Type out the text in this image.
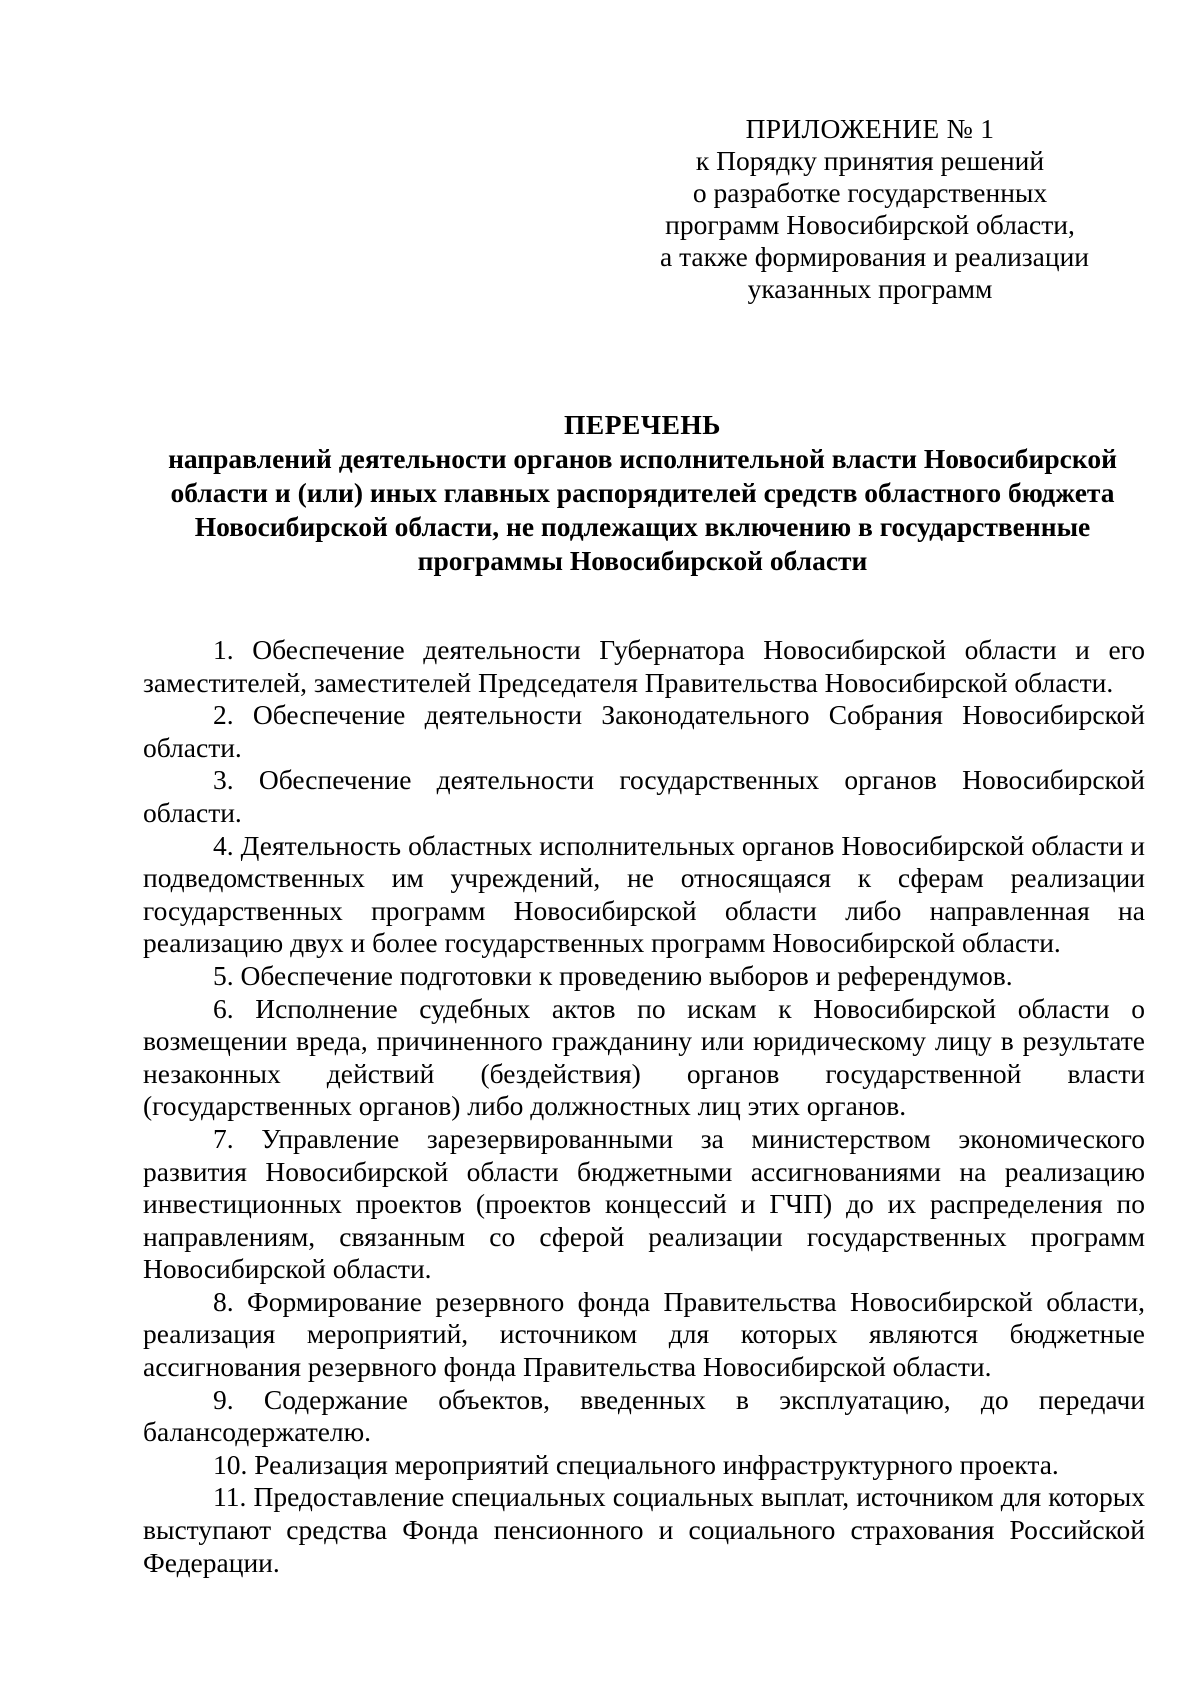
ПРИЛОЖЕНИЕ № 1
к Порядку принятия решений
о разработке государственных
программ Новосибирской области,
а также формирования и реализации
указанных программ
ПЕРЕЧЕНЬ
направлений деятельности органов исполнительной власти Новосибирской
области и (или) иных главных распорядителей средств областного бюджета
Новосибирской области, не подлежащих включению в государственные
программы Новосибирской области

1. Обеспечение деятельности Губернатора Новосибирской области и его заместителей, заместителей Председателя Правительства Новосибирской области.

2. Обеспечение деятельности Законодательного Собрания Новосибирской области.

3. Обеспечение деятельности государственных органов Новосибирской области.

4. Деятельность областных исполнительных органов Новосибирской области и подведомственных им учреждений, не относящаяся к сферам реализации государственных программ Новосибирской области либо направленная на реализацию двух и более государственных программ Новосибирской области.

5. Обеспечение подготовки к проведению выборов и референдумов.

6. Исполнение судебных актов по искам к Новосибирской области о возмещении вреда, причиненного гражданину или юридическому лицу в результате незаконных действий (бездействия) органов государственной власти (государственных органов) либо должностных лиц этих органов.

7. Управление зарезервированными за министерством экономического развития Новосибирской области бюджетными ассигнованиями на реализацию инвестиционных проектов (проектов концессий и ГЧП) до их распределения по направлениям, связанным со сферой реализации государственных программ Новосибирской области.

8. Формирование резервного фонда Правительства Новосибирской области, реализация мероприятий, источником для которых являются бюджетные ассигнования резервного фонда Правительства Новосибирской области.

9. Содержание объектов, введенных в эксплуатацию, до передачи балансодержателю.

10. Реализация мероприятий специального инфраструктурного проекта.

11. Предоставление специальных социальных выплат, источником для которых выступают средства Фонда пенсионного и социального страхования Российской Федерации.
